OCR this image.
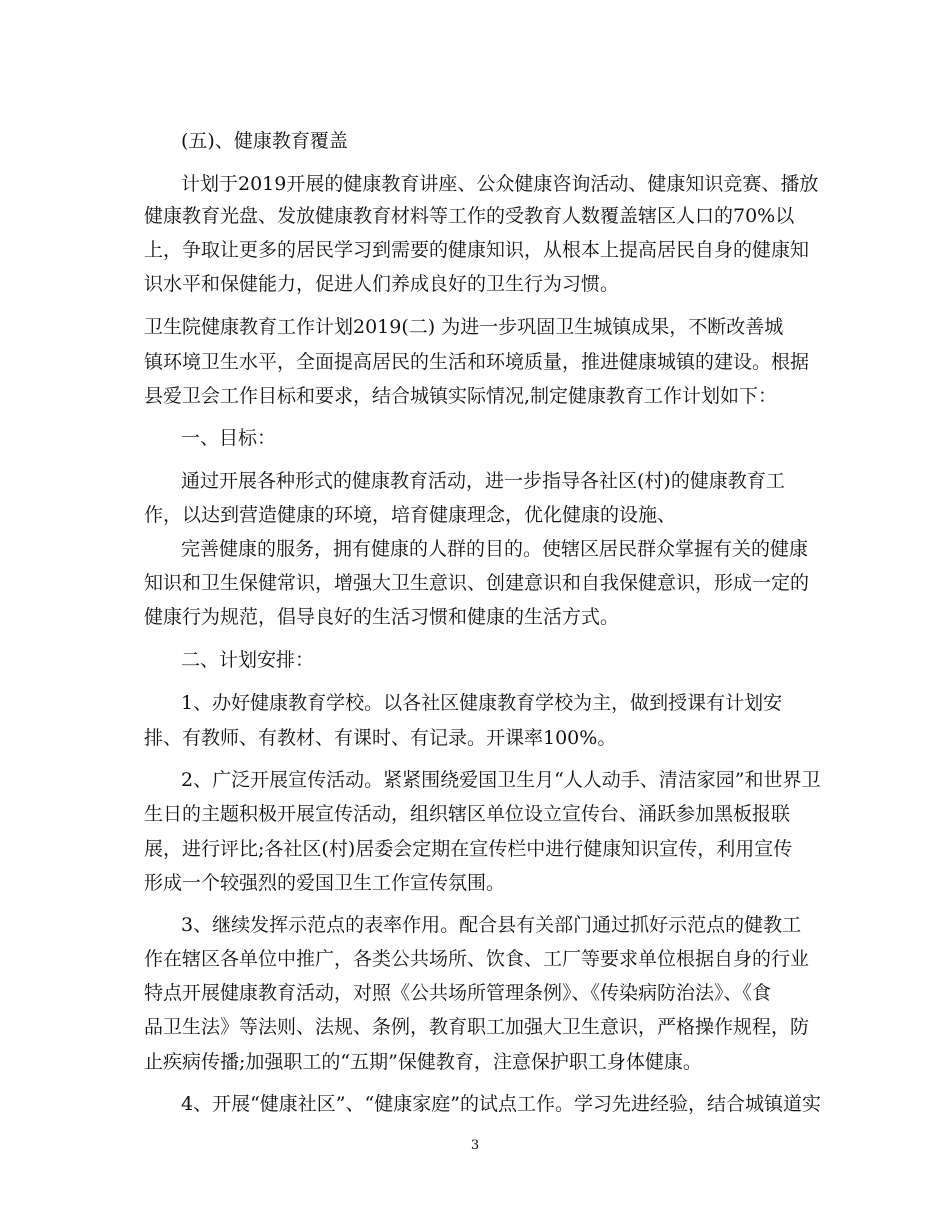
(五)、健康教育覆盖
计划于2019开展的健康教育讲座、公众健康咨询活动、健康知识竞赛、播放
健康教育光盘、发放健康教育材料等工作的受教育人数覆盖辖区人口的70%以
上，争取让更多的居民学习到需要的健康知识，从根本上提高居民自身的健康知
识水平和保健能力，促进人们养成良好的卫生行为习惯。
卫生院健康教育工作计划2019(二) 为进一步巩固卫生城镇成果，不断改善城
镇环境卫生水平，全面提高居民的生活和环境质量，推进健康城镇的建设。根据
县爱卫会工作目标和要求，结合城镇实际情况,制定健康教育工作计划如下：
一、目标：
通过开展各种形式的健康教育活动，进一步指导各社区(村)的健康教育工
作，以达到营造健康的环境，培育健康理念，优化健康的设施、
完善健康的服务，拥有健康的人群的目的。使辖区居民群众掌握有关的健康
知识和卫生保健常识，增强大卫生意识、创建意识和自我保健意识，形成一定的
健康行为规范，倡导良好的生活习惯和健康的生活方式。
二、计划安排：
1、办好健康教育学校。以各社区健康教育学校为主，做到授课有计划安
排、有教师、有教材、有课时、有记录。开课率100%。
2、广泛开展宣传活动。紧紧围绕爱国卫生月“人人动手、清洁家园”和世界卫
生日的主题积极开展宣传活动，组织辖区单位设立宣传台、涌跃参加黑板报联
展，进行评比;各社区(村)居委会定期在宣传栏中进行健康知识宣传，利用宣传
形成一个较强烈的爱国卫生工作宣传氛围。
3、继续发挥示范点的表率作用。配合县有关部门通过抓好示范点的健教工
作在辖区各单位中推广，各类公共场所、饮食、工厂等要求单位根据自身的行业
特点开展健康教育活动，对照《公共场所管理条例》、《传染病防治法》、《食
品卫生法》等法则、法规、条例，教育职工加强大卫生意识，严格操作规程，防
止疾病传播;加强职工的“五期”保健教育，注意保护职工身体健康。
4、开展“健康社区”、“健康家庭”的试点工作。学习先进经验，结合城镇道实
3
